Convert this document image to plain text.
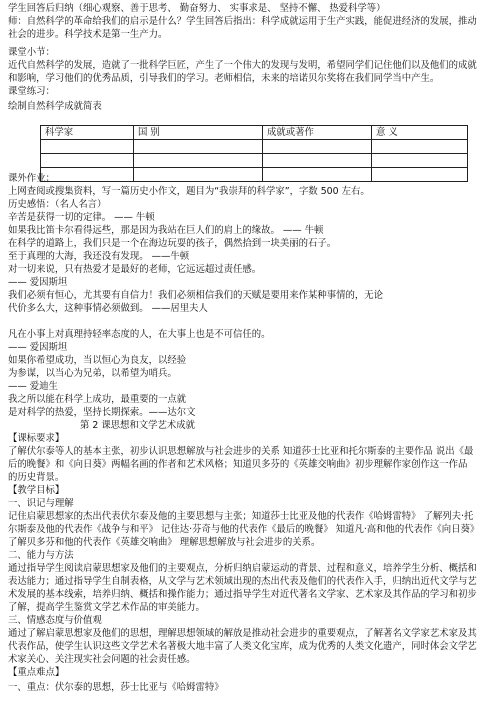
学生回答后归纳（细心观察、善于思考、 勤奋努力、 实事求是、 坚持不懈、 热爱科学等）
师：自然科学的革命给我们的启示是什么？学生回答后指出：科学成就运用于生产实践，能促进经济的发展，推动
社会的进步。科学技术是第一生产力。
课堂小节：
近代自然科学的发展，造就了一批科学巨匠，产生了一个伟大的发现与发明，希望同学们记住他们以及他们的成就
和影响，学习他们的优秀品质，引导我们的学习。老师相信，未来的培诺贝尔奖将在我们同学当中产生。
课堂练习：
绘制自然科学成就简表
科学家	国 别	成就或著作	意 义

课外作业：
上网查阅或搜集资料，写一篇历史小作文，题目为“我崇拜的科学家”，字数 500 左右。
历史感悟：（名人名言）
辛苦是获得一切的定律。 —— 牛顿
如果我比笛卡尔看得远些，那是因为我站在巨人们的肩上的缘故。 —— 牛顿
在科学的道路上，我们只是一个在海边玩耍的孩子，偶然拾到一块美丽的石子。
至于真理的大海，我还没有发现。 ——牛顿
对一切来说，只有热爱才是最好的老师，它远远超过责任感。
—— 爱因斯坦
我们必须有恒心，尤其要有自信力！我们必须相信我们的天赋是要用来作某种事情的，无论
代价多么大，这种事情必须做到。 ——居里夫人
凡在小事上对真理持轻率态度的人，在大事上也是不可信任的。
—— 爱因斯坦
如果你希望成功，当以恒心为良友，以经验
为参谋，以当心为兄弟，以希望为哨兵。
—— 爱迪生
我之所以能在科学上成功，最重要的一点就
是对科学的热爱，坚持长期探索。——达尔文
第 2 课思想和文学艺术成就
【课标要求】
了解伏尔泰等人的基本主张，初步认识思想解放与社会进步的关系 知道莎士比亚和托尔斯泰的主要作品 说出《最
后的晚餐》和《向日葵》两幅名画的作者和艺术风格；知道贝多芬的《英雄交响曲》初步理解作家创作这一作品
的历史背景。
【教学目标】
一、识记与理解
记住启蒙思想家的杰出代表伏尔泰及他的主要思想与主张；知道莎士比亚及他的代表作《哈姆雷特》 了解列夫·托
尔斯泰及他的代表作《战争与和平》 记住达·芬奇与他的代表作《最后的晚餐》 知道凡·高和他的代表作《向日葵》
了解贝多芬和他的代表作《英雄交响曲》 理解思想解放与社会进步的关系。
二、能力与方法
通过指导学生阅读启蒙思想家及他们的主要观点，分析归纳启蒙运动的背景、过程和意义，培养学生分析、概括和
表达能力；通过指导学生自制表格，从文学与艺术领域出现的杰出代表及他们的代表作入手，归纳出近代文学与艺
术发展的基本线索，培养归纳、概括和操作能力；通过指导学生对近代著名文学家、艺术家及其作品的学习和初步
了解，提高学生鉴赏文学艺术作品的审美能力。
三、情感态度与价值观
通过了解启蒙思想家及他们的思想，理解思想领域的解放是推动社会进步的重要观点，了解著名文学家艺术家及其
代表作品，使学生认识这些文学艺术名著极大地丰富了人类文化宝库，成为优秀的人类文化遗产，同时体会文学艺
术家关心、关注现实社会问题的社会责任感。
【重点难点】
一、重点：伏尔泰的思想，莎士比亚与《哈姆雷特》
